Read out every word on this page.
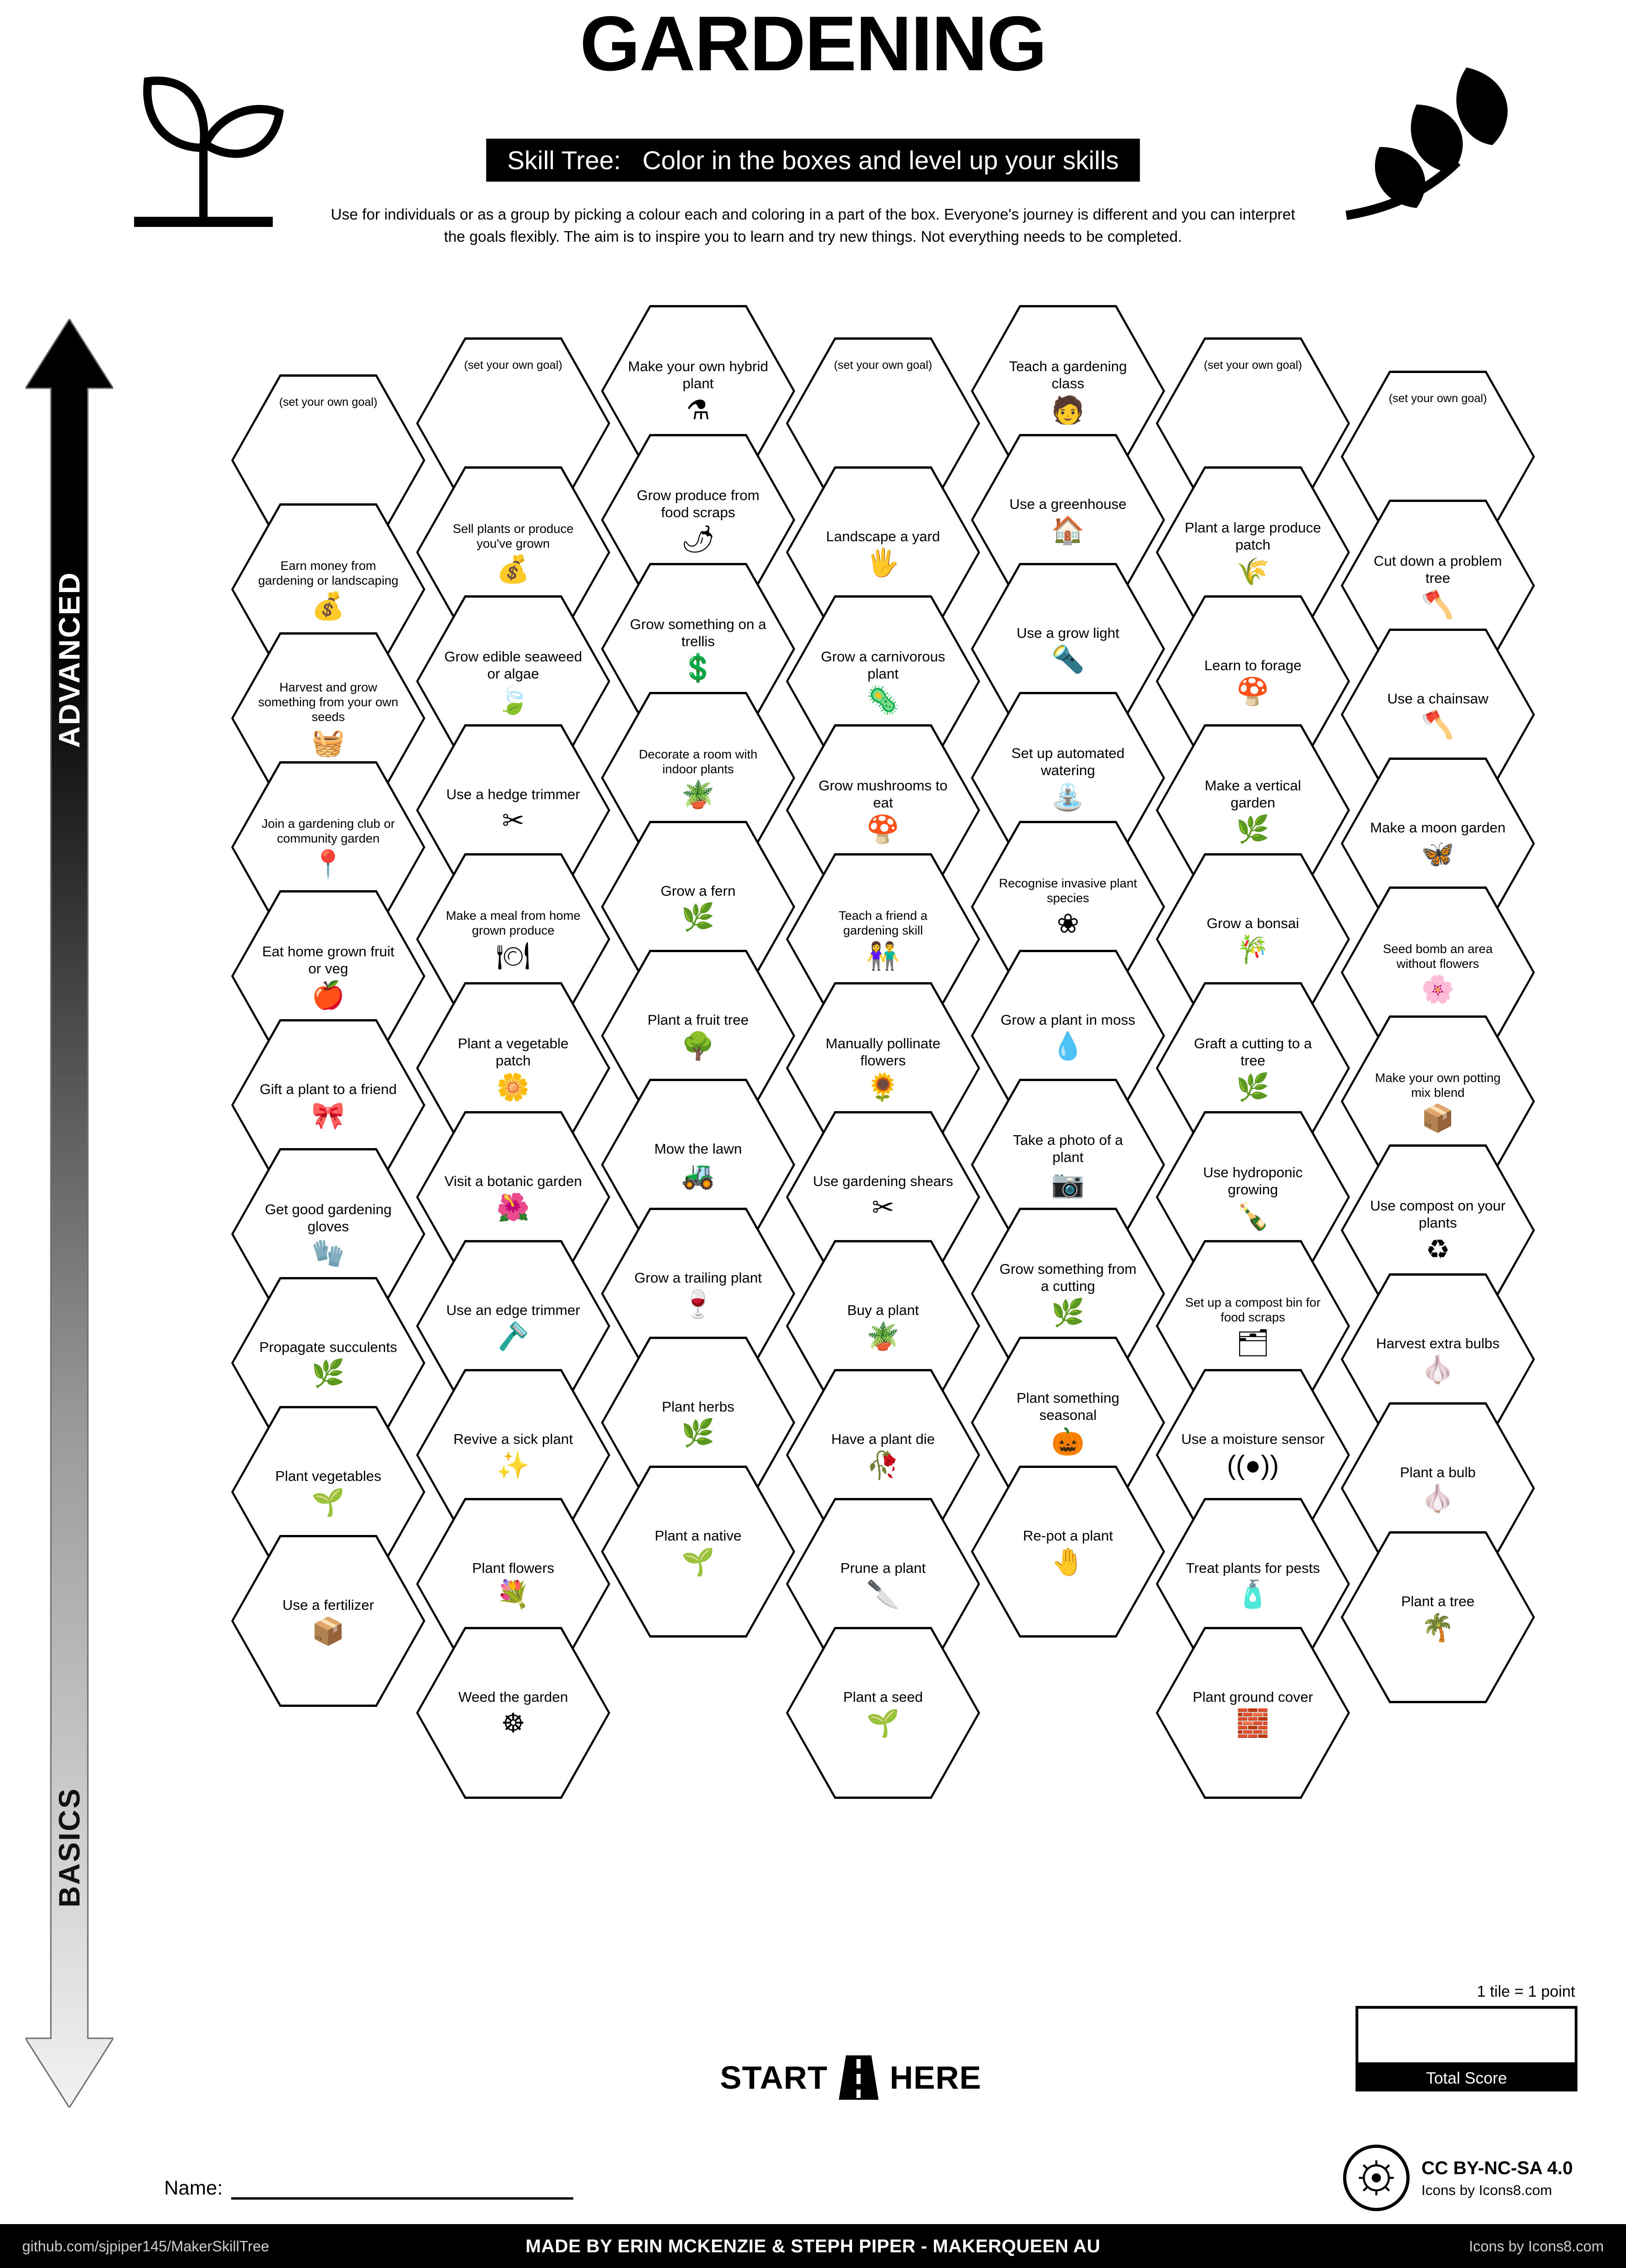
GARDENING
Skill Tree: Color in the boxes and level up your skills
Use for individuals or as a group by picking a colour each and coloring in a part of the box. Everyone's journey is different and you can interpret the goals flexibly. The aim is to inspire you to learn and try new things. Not everything needs to be completed.
ADVANCED
BASICS
(set your own goal)
Earn money from gardening or landscaping
💰
Harvest and grow something from your own seeds
🧺
Join a gardening club or community garden
📍
Eat home grown fruit or veg
🍎
Gift a plant to a friend
🎀
Get good gardening gloves
🧤
Propagate succulents
🌿
Plant vegetables
🌱
Use a fertilizer
📦
(set your own goal)
Sell plants or produce you've grown
💰
Grow edible seaweed or algae
🍃
Use a hedge trimmer
✂
Make a meal from home grown produce
🍽
Plant a vegetable patch
🌼
Visit a botanic garden
🌺
Use an edge trimmer
🪒
Revive a sick plant
✨
Plant flowers
💐
Weed the garden
☸
Make your own hybrid plant
⚗
Grow produce from food scraps
🌶
Grow something on a trellis
💲
Decorate a room with indoor plants
🪴
Grow a fern
🌿
Plant a fruit tree
🌳
Mow the lawn
🚜
Grow a trailing plant
🍷
Plant herbs
🌿
Plant a native
🌱
(set your own goal)
Landscape a yard
🖐
Grow a carnivorous plant
🦠
Grow mushrooms to eat
🍄
Teach a friend a gardening skill
👫
Manually pollinate flowers
🌻
Use gardening shears
✂
Buy a plant
🪴
Have a plant die
🥀
Prune a plant
🔪
Plant a seed
🌱
Teach a gardening class
🧑
Use a greenhouse
🏠
Use a grow light
🔦
Set up automated watering
⛲
Recognise invasive plant species
❀
Grow a plant in moss
💧
Take a photo of a plant
📷
Grow something from a cutting
🌿
Plant something seasonal
🎃
Re-pot a plant
🤚
(set your own goal)
Plant a large produce patch
🌾
Learn to forage
🍄
Make a vertical garden
🌿
Grow a bonsai
🎋
Graft a cutting to a tree
🌿
Use hydroponic growing
🍾
Set up a compost bin for food scraps
🗂
Use a moisture sensor
((●))
Treat plants for pests
🧴
Plant ground cover
🧱
(set your own goal)
Cut down a problem tree
🪓
Use a chainsaw
🪓
Make a moon garden
🦋
Seed bomb an area without flowers
🌸
Make your own potting mix blend
📦
Use compost on your plants
♻
Harvest extra bulbs
🧄
Plant a bulb
🧄
Plant a tree
🌴
START HERE
1 tile = 1 point
Total Score
Name:
CC BY-NC-SA 4.0
Icons by Icons8.com
github.com/sjpiper145/MakerSkillTree	MADE BY ERIN MCKENZIE & STEPH PIPER - MAKERQUEEN AU	Icons by Icons8.com
